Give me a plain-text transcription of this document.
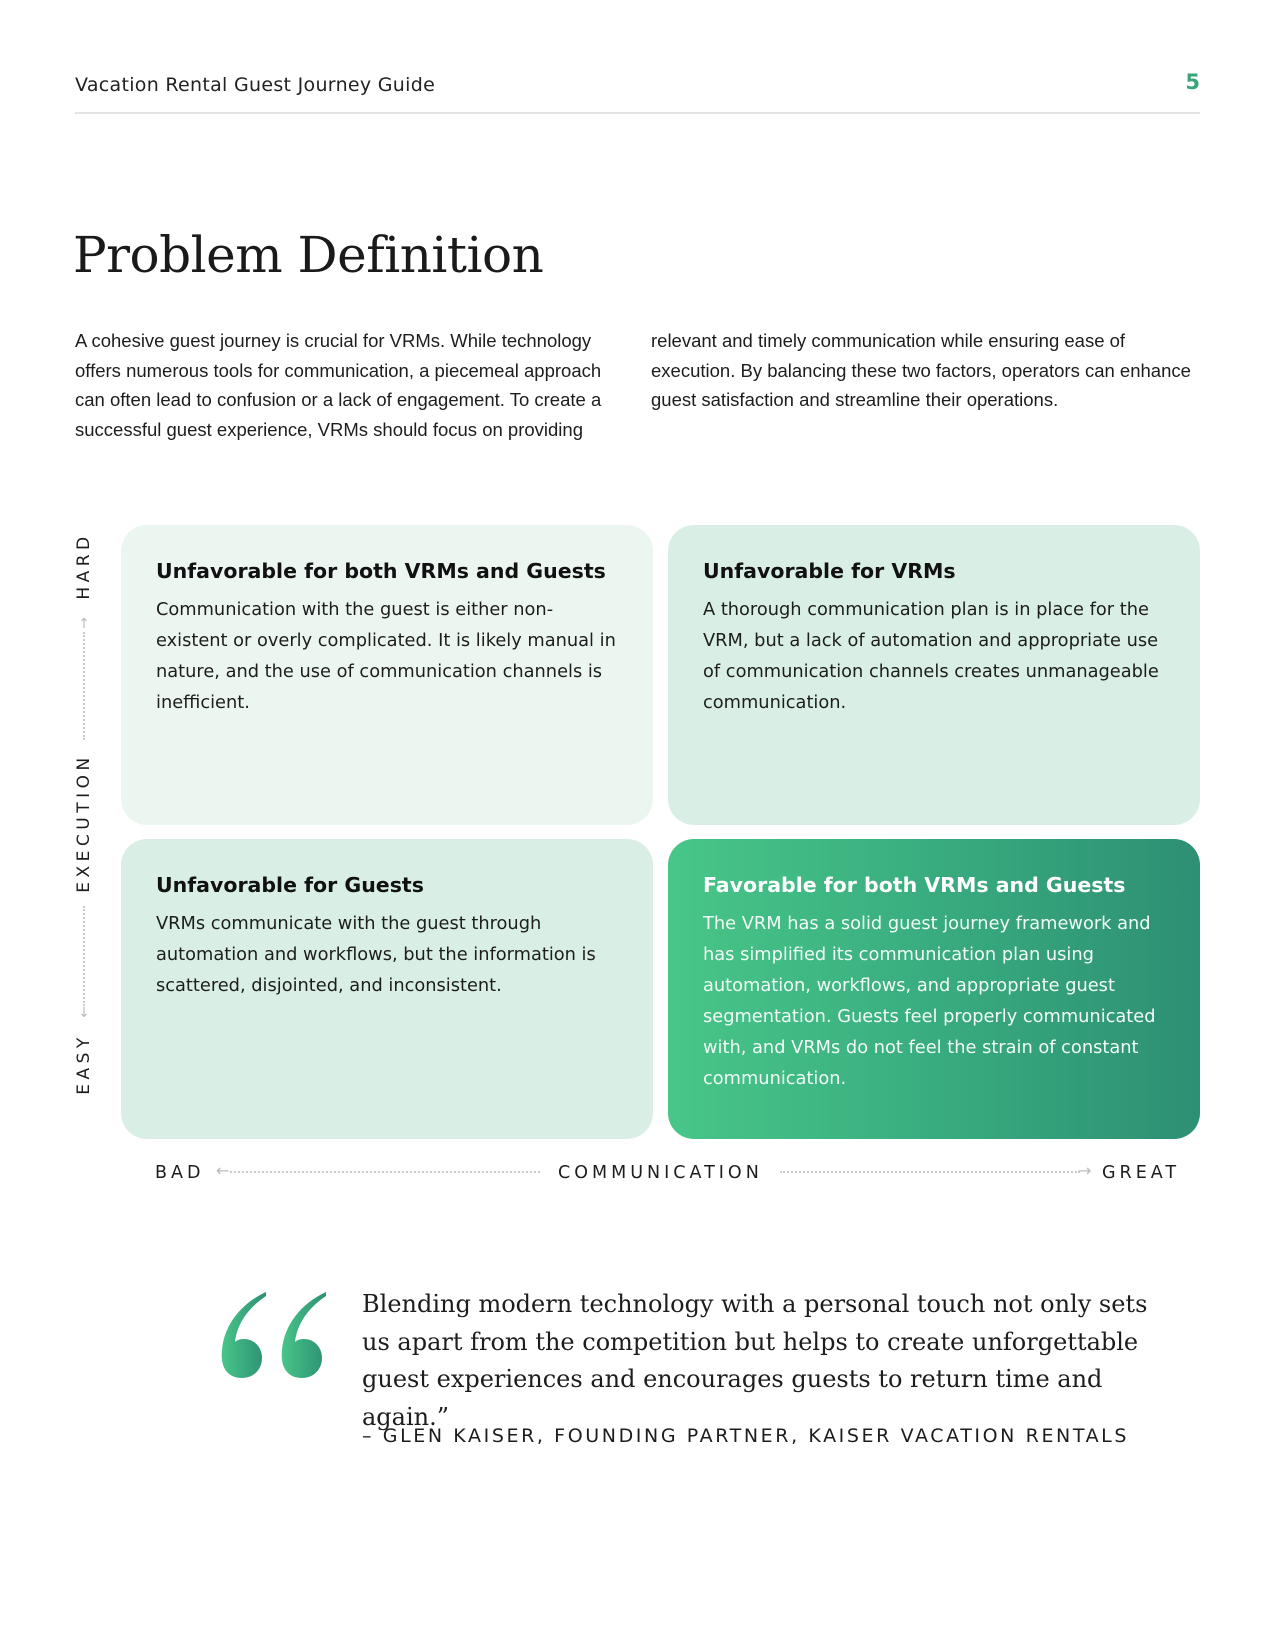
Vacation Rental Guest Journey Guide	5
Problem Definition
A cohesive guest journey is crucial for VRMs. While technology offers numerous tools for communication, a piecemeal approach can often lead to confusion or a lack of engagement. To create a successful guest experience, VRMs should focus on providing
relevant and timely communication while ensuring ease of execution. By balancing these two factors, operators can enhance guest satisfaction and streamline their operations.
HARD
↑
EXECUTION
↓
EASY

Unfavorable for both VRMs and Guests

Communication with the guest is either non-existent or overly complicated. It is likely manual in nature, and the use of communication channels is inefficient.

Unfavorable for VRMs

A thorough communication plan is in place for the VRM, but a lack of automation and appropriate use of communication channels creates unmanageable communication.

Unfavorable for Guests

VRMs communicate with the guest through automation and workflows, but the information is scattered, disjointed, and inconsistent.

Favorable for both VRMs and Guests

The VRM has a solid guest journey framework and has simplified its communication plan using automation, workflows, and appropriate guest segmentation. Guests feel properly communicated with, and VRMs do not feel the strain of constant communication.

BAD ←	COMMUNICATION	→ GREAT

Blending modern technology with a personal touch not only sets us apart from the competition but helps to create unforgettable guest experiences and encourages guests to return time and again.”

– GLEN KAISER, FOUNDING PARTNER, KAISER VACATION RENTALS
